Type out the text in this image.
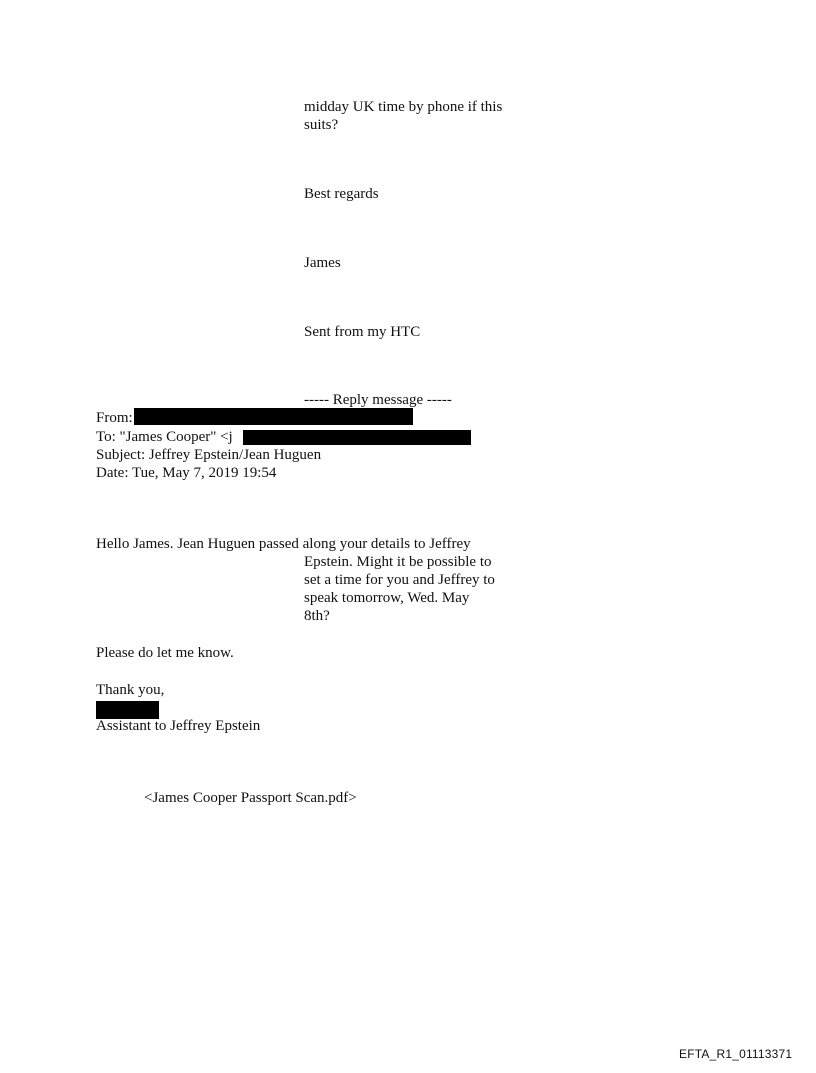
midday UK time by phone if this
suits?
Best regards
James
Sent from my HTC
----- Reply message -----
From:
To: "James Cooper" <j
Subject: Jeffrey Epstein/Jean Huguen
Date: Tue, May 7, 2019 19:54
Hello James. Jean Huguen passed along your details to Jeffrey
Epstein. Might it be possible to
set a time for you and Jeffrey to
speak tomorrow, Wed. May
8th?
Please do let me know.
Thank you,
Assistant to Jeffrey Epstein
<James Cooper Passport Scan.pdf>
EFTA_R1_01113371
